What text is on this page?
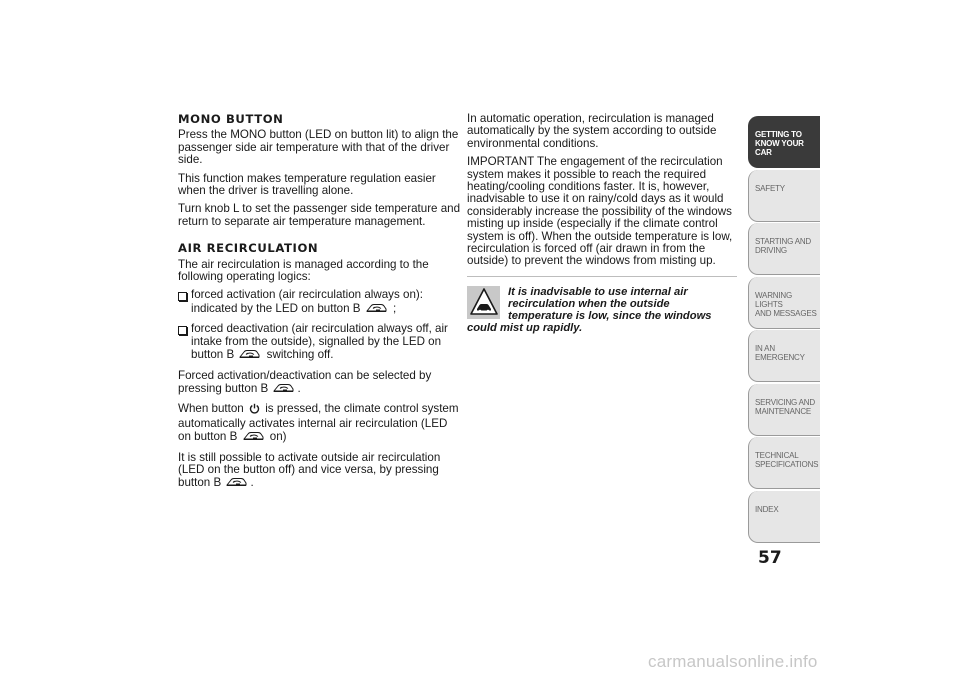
MONO BUTTON

Press the MONO button (LED on button lit) to align the passenger side air temperature with that of the driver side.

This function makes temperature regulation easier when the driver is travelling alone.

Turn knob L to set the passenger side temperature and return to separate air temperature management.

AIR RECIRCULATION

The air recirculation is managed according to the following operating logics:

forced activation (air recirculation always on): indicated by the LED on button B	;
forced deactivation (air recirculation always off, air intake from the outside), signalled by the LED on button B	switching off.

Forced activation/deactivation can be selected by pressing button B	.

When button is pressed, the climate control system automatically activates internal air recirculation (LED on button B	on)

It is still possible to activate outside air recirculation (LED on the button off) and vice versa, by pressing button B	.

In automatic operation, recirculation is managed automatically by the system according to outside environmental conditions.

IMPORTANT The engagement of the recirculation system makes it possible to reach the required heating/cooling conditions faster. It is, however, inadvisable to use it on rainy/cold days as it would considerably increase the possibility of the windows misting up inside (especially if the climate control system is off). When the outside temperature is low, recirculation is forced off (air drawn in from the outside) to prevent the windows from misting up.

It is inadvisable to use internal air recirculation when the outside temperature is low, since the windows
could mist up rapidly.
GETTING TO
KNOW YOUR CAR
SAFETY
STARTING AND
DRIVING
WARNING LIGHTS
AND MESSAGES
IN AN EMERGENCY
SERVICING AND
MAINTENANCE
TECHNICAL
SPECIFICATIONS
INDEX
57
carmanualsonline.info
